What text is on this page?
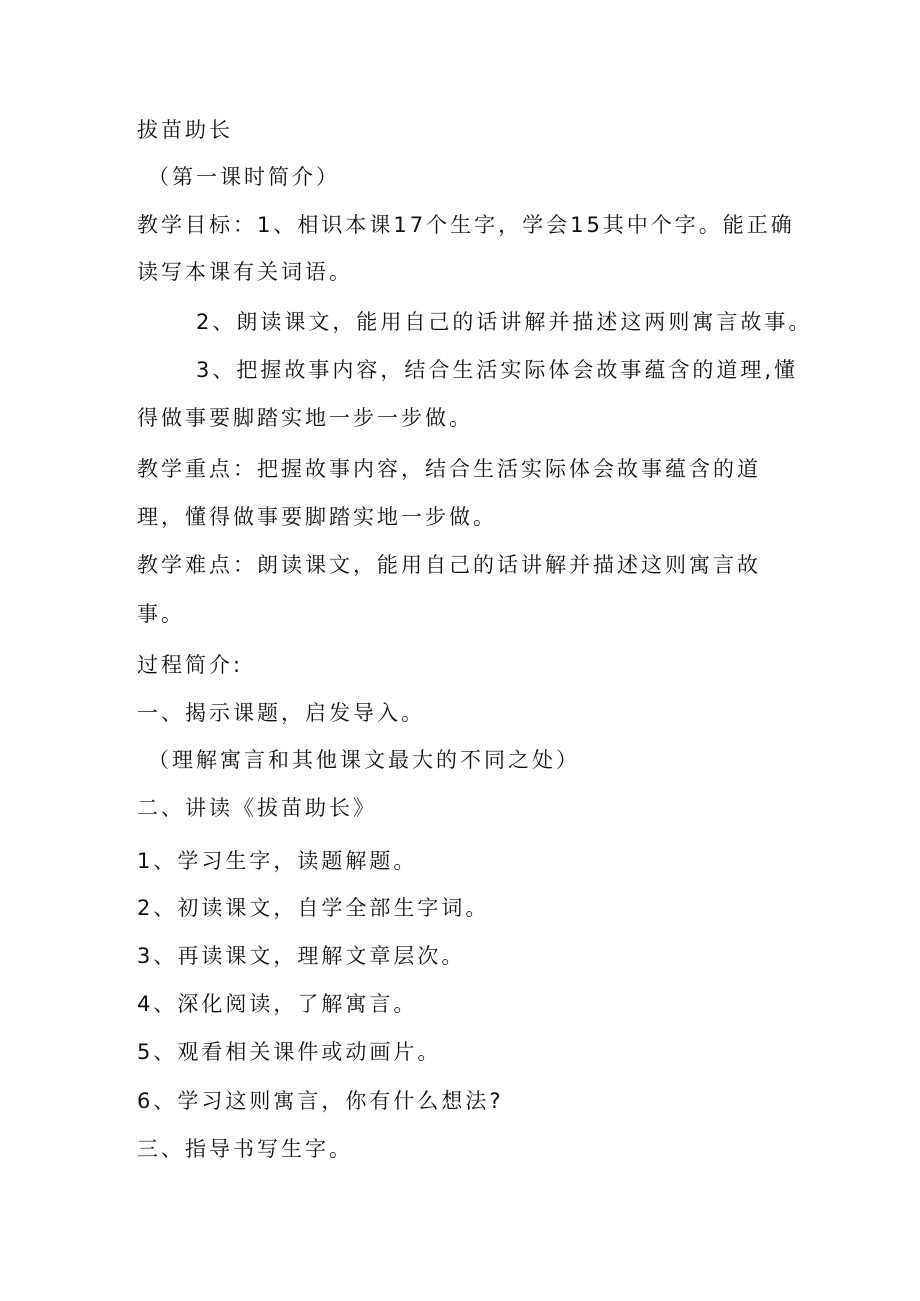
拔苗助长
（第一课时简介）
教学目标：1、相识本课17个生字，学会15其中个字。能正确
读写本课有关词语。
2、朗读课文，能用自己的话讲解并描述这两则寓言故事。
3、把握故事内容，结合生活实际体会故事蕴含的道理,懂
得做事要脚踏实地一步一步做。
教学重点：把握故事内容，结合生活实际体会故事蕴含的道
理，懂得做事要脚踏实地一步做。
教学难点：朗读课文，能用自己的话讲解并描述这则寓言故
事。
过程简介:
一、揭示课题，启发导入。
（理解寓言和其他课文最大的不同之处）
二、讲读《拔苗助长》
1、学习生字，读题解题。
2、初读课文，自学全部生字词。
3、再读课文，理解文章层次。
4、深化阅读，了解寓言。
5、观看相关课件或动画片。
6、学习这则寓言，你有什么想法?
三、指导书写生字。
